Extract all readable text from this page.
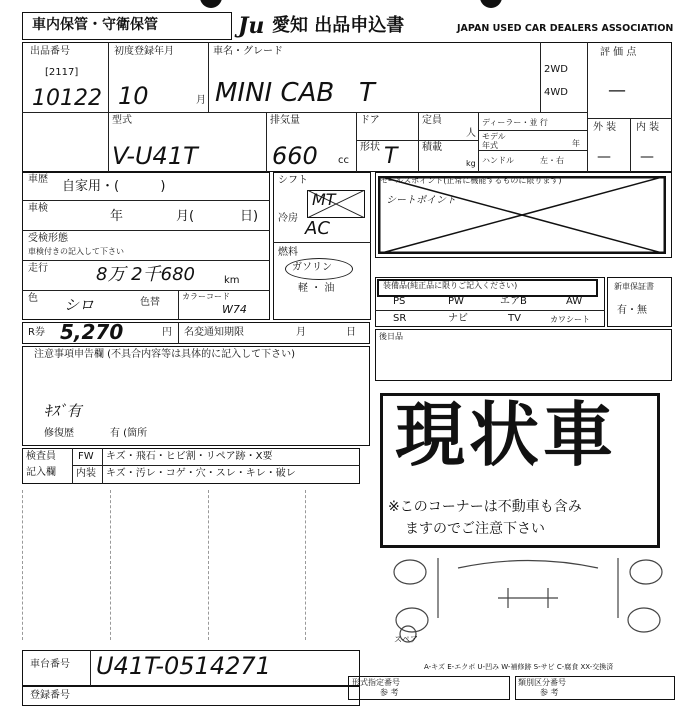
車内保管・守衛保管	Ju 愛知 出品申込書	JAPAN USED CAR DEALERS ASSOCIATION
出品番号
[2117]
10122
初度登録年月
10	月
車名・グレード
MINI CAB   T
2WD
4WD
評 価 点
—
外 装 内 装
— —
型式
V-U41T
排気量
660 cc
ドア
形状 T
定員
人
積載
kg
ディーラー・並 行
モデル
年式	年
ハンドル	左・右
車歴 自家用・(          )
車検
年	月(	日)
受検形態
車検付きの記入して下さい
走行	8万 2千680	km
色 シロ	色替
カラーコード
W74
シフト
MT
冷房 AC
燃料
ガソリン
軽 ・ 油
セールスポイント(正常に機能するものに限ります)
シートポイント
装備品(純正品に限りご記入ください)
PS	PW	エアB	AW
SR	ナビ	TV	カワシート
新車保証書
有・無
R券 5,270	円 名変通知期限	月	日	後日品
注意事項申告欄 (不具合内容等は具体的に記入して下さい)
ｷｽﾞ有
修復歴	有 (箇所
検査員
記入欄
FW キズ・飛石・ヒビ割・リペア跡・X要
内装 キズ・汚レ・コゲ・穴・スレ・キレ・破レ 現状車
※このコーナーは不動車も含み
ますのでご注意下さい
スペア
A-キズ E-エクボ U-凹み W-補修跡 S-サビ C-腐食 XX-交換済
車台番号 U41T-0514271
登録番号
形式指定番号
参 考
類別区分番号
参 考
